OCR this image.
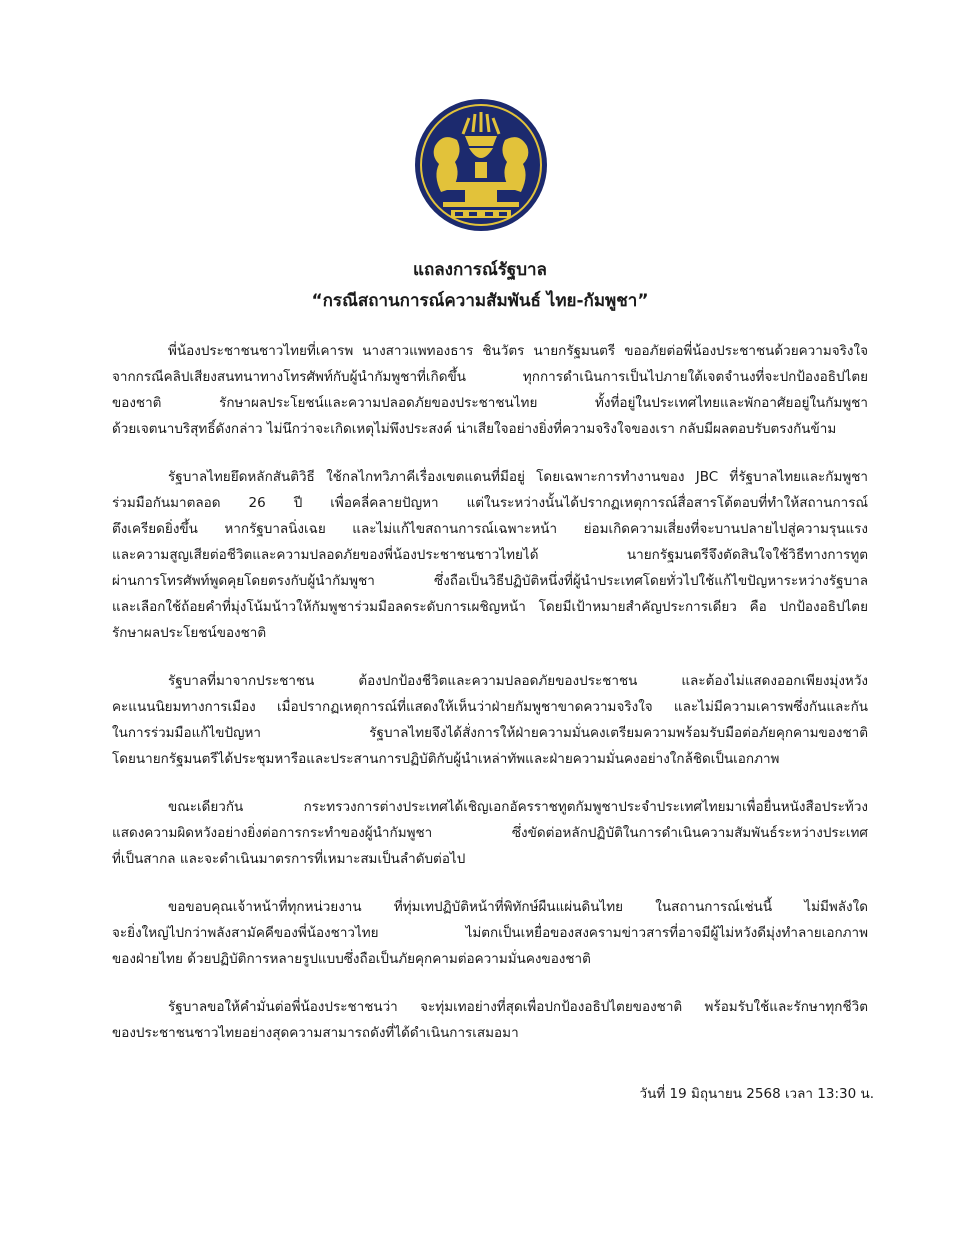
แถลงการณ์รัฐบาล

“กรณีสถานการณ์ความสัมพันธ์ ไทย-กัมพูชา”

พี่น้องประชาชนชาวไทยที่เคารพ นางสาวแพทองธาร ชินวัตร นายกรัฐมนตรี ขออภัยต่อพี่น้องประชาชนด้วยความจริงใจ
จากกรณีคลิปเสียงสนทนาทางโทรศัพท์กับผู้นำกัมพูชาที่เกิดขึ้น ทุกการดำเนินการเป็นไปภายใต้เจตจำนงที่จะปกป้องอธิปไตย
ของชาติ รักษาผลประโยชน์และความปลอดภัยของประชาชนไทย ทั้งที่อยู่ในประเทศไทยและพักอาศัยอยู่ในกัมพูชา
ด้วยเจตนาบริสุทธิ์ดังกล่าว ไม่นึกว่าจะเกิดเหตุไม่พึงประสงค์ น่าเสียใจอย่างยิ่งที่ความจริงใจของเรา กลับมีผลตอบรับตรงกันข้าม
รัฐบาลไทยยึดหลักสันติวิธี ใช้กลไกทวิภาคีเรื่องเขตแดนที่มีอยู่ โดยเฉพาะการทำงานของ JBC ที่รัฐบาลไทยและกัมพูชา
ร่วมมือกันมาตลอด 26 ปี เพื่อคลี่คลายปัญหา แต่ในระหว่างนั้นได้ปรากฏเหตุการณ์สื่อสารโต้ตอบที่ทำให้สถานการณ์
ตึงเครียดยิ่งขึ้น หากรัฐบาลนิ่งเฉย และไม่แก้ไขสถานการณ์เฉพาะหน้า ย่อมเกิดความเสี่ยงที่จะบานปลายไปสู่ความรุนแรง
และความสูญเสียต่อชีวิตและความปลอดภัยของพี่น้องประชาชนชาวไทยได้ นายกรัฐมนตรีจึงตัดสินใจใช้วิธีทางการทูต
ผ่านการโทรศัพท์พูดคุยโดยตรงกับผู้นำกัมพูชา ซึ่งถือเป็นวิธีปฏิบัติหนึ่งที่ผู้นำประเทศโดยทั่วไปใช้แก้ไขปัญหาระหว่างรัฐบาล
และเลือกใช้ถ้อยคำที่มุ่งโน้มน้าวให้กัมพูชาร่วมมือลดระดับการเผชิญหน้า โดยมีเป้าหมายสำคัญประการเดียว คือ ปกป้องอธิปไตย
รักษาผลประโยชน์ของชาติ
รัฐบาลที่มาจากประชาชน ต้องปกป้องชีวิตและความปลอดภัยของประชาชน และต้องไม่แสดงออกเพียงมุ่งหวัง
คะแนนนิยมทางการเมือง เมื่อปรากฏเหตุการณ์ที่แสดงให้เห็นว่าฝ่ายกัมพูชาขาดความจริงใจ และไม่มีความเคารพซึ่งกันและกัน
ในการร่วมมือแก้ไขปัญหา รัฐบาลไทยจึงได้สั่งการให้ฝ่ายความมั่นคงเตรียมความพร้อมรับมือต่อภัยคุกคามของชาติ
โดยนายกรัฐมนตรีได้ประชุมหารือและประสานการปฏิบัติกับผู้นำเหล่าทัพและฝ่ายความมั่นคงอย่างใกล้ชิดเป็นเอกภาพ
ขณะเดียวกัน กระทรวงการต่างประเทศได้เชิญเอกอัครราชทูตกัมพูชาประจำประเทศไทยมาเพื่อยื่นหนังสือประท้วง
แสดงความผิดหวังอย่างยิ่งต่อการกระทำของผู้นำกัมพูชา ซึ่งขัดต่อหลักปฏิบัติในการดำเนินความสัมพันธ์ระหว่างประเทศ
ที่เป็นสากล และจะดำเนินมาตรการที่เหมาะสมเป็นลำดับต่อไป
ขอขอบคุณเจ้าหน้าที่ทุกหน่วยงาน ที่ทุ่มเทปฏิบัติหน้าที่พิทักษ์ผืนแผ่นดินไทย ในสถานการณ์เช่นนี้ ไม่มีพลังใด
จะยิ่งใหญ่ไปกว่าพลังสามัคคีของพี่น้องชาวไทย ไม่ตกเป็นเหยื่อของสงครามข่าวสารที่อาจมีผู้ไม่หวังดีมุ่งทำลายเอกภาพ
ของฝ่ายไทย ด้วยปฏิบัติการหลายรูปแบบซึ่งถือเป็นภัยคุกคามต่อความมั่นคงของชาติ
รัฐบาลขอให้คำมั่นต่อพี่น้องประชาชนว่า จะทุ่มเทอย่างที่สุดเพื่อปกป้องอธิปไตยของชาติ พร้อมรับใช้และรักษาทุกชีวิต
ของประชาชนชาวไทยอย่างสุดความสามารถดังที่ได้ดำเนินการเสมอมา
วันที่ 19 มิถุนายน 2568 เวลา 13:30 น.
